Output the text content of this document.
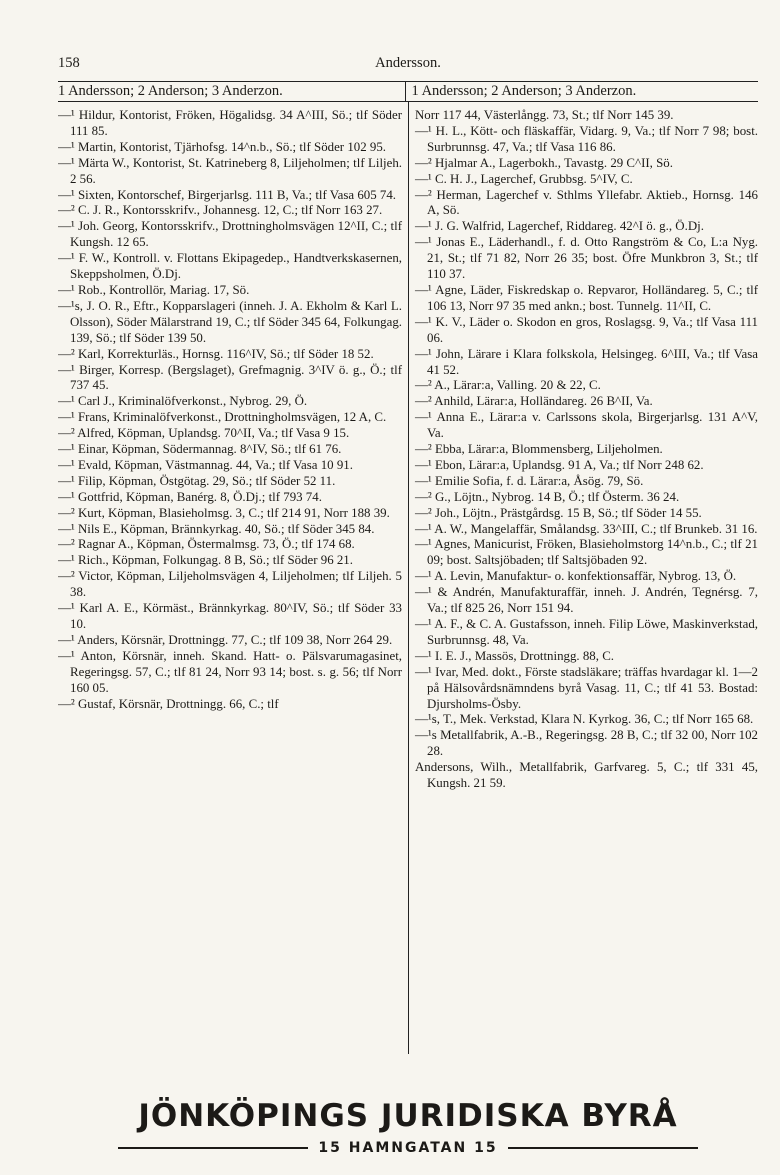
158	Andersson.
1 Andersson; 2 Anderson; 3 Anderzon.	1 Andersson; 2 Anderson; 3 Anderzon.

—¹ Hildur, Kontorist, Fröken, Högalidsg. 34 A^III, Sö.; tlf Söder 111 85.

—¹ Martin, Kontorist, Tjärhofsg. 14^n.b., Sö.; tlf Söder 102 95.

—¹ Märta W., Kontorist, St. Katrineberg 8, Liljeholmen; tlf Liljeh. 2 56.

—¹ Sixten, Kontorschef, Birgerjarlsg. 111 B, Va.; tlf Vasa 605 74.

—² C. J. R., Kontorsskrifv., Johannesg. 12, C.; tlf Norr 163 27.

—¹ Joh. Georg, Kontorsskrifv., Drottningholmsvägen 12^II, C.; tlf Kungsh. 12 65.

—¹ F. W., Kontroll. v. Flottans Ekipagedep., Handtverkskasernen, Skeppsholmen, Ö.Dj.

—¹ Rob., Kontrollör, Mariag. 17, Sö.

—¹s, J. O. R., Eftr., Kopparslageri (inneh. J. A. Ekholm & Karl L. Olsson), Söder Mälarstrand 19, C.; tlf Söder 345 64, Folkungag. 139, Sö.; tlf Söder 139 50.

—² Karl, Korrekturläs., Hornsg. 116^IV, Sö.; tlf Söder 18 52.

—¹ Birger, Korresp. (Bergslaget), Grefmagnig. 3^IV ö. g., Ö.; tlf 737 45.

—¹ Carl J., Kriminalöfverkonst., Nybrog. 29, Ö.

—¹ Frans, Kriminalöfverkonst., Drottningholmsvägen, 12 A, C.

—² Alfred, Köpman, Uplandsg. 70^II, Va.; tlf Vasa 9 15.

—¹ Einar, Köpman, Södermannag. 8^IV, Sö.; tlf 61 76.

—¹ Evald, Köpman, Västmannag. 44, Va.; tlf Vasa 10 91.

—¹ Filip, Köpman, Östgötag. 29, Sö.; tlf Söder 52 11.

—¹ Gottfrid, Köpman, Banérg. 8, Ö.Dj.; tlf 793 74.

—² Kurt, Köpman, Blasieholmsg. 3, C.; tlf 214 91, Norr 188 39.

—¹ Nils E., Köpman, Brännkyrkag. 40, Sö.; tlf Söder 345 84.

—² Ragnar A., Köpman, Östermalmsg. 73, Ö.; tlf 174 68.

—¹ Rich., Köpman, Folkungag. 8 B, Sö.; tlf Söder 96 21.

—² Victor, Köpman, Liljeholmsvägen 4, Liljeholmen; tlf Liljeh. 5 38.

—¹ Karl A. E., Körmäst., Brännkyrkag. 80^IV, Sö.; tlf Söder 33 10.

—¹ Anders, Körsnär, Drottningg. 77, C.; tlf 109 38, Norr 264 29.

—¹ Anton, Körsnär, inneh. Skand. Hatt- o. Pälsvarumagasinet, Regeringsg. 57, C.; tlf 81 24, Norr 93 14; bost. s. g. 56; tlf Norr 160 05.

—² Gustaf, Körsnär, Drottningg. 66, C.; tlf

Norr 117 44, Västerlångg. 73, St.; tlf Norr 145 39.

—¹ H. L., Kött- och fläskaffär, Vidarg. 9, Va.; tlf Norr 7 98; bost. Surbrunnsg. 47, Va.; tlf Vasa 116 86.

—² Hjalmar A., Lagerbokh., Tavastg. 29 C^II, Sö.

—¹ C. H. J., Lagerchef, Grubbsg. 5^IV, C.

—² Herman, Lagerchef v. Sthlms Yllefabr. Aktieb., Hornsg. 146 A, Sö.

—¹ J. G. Walfrid, Lagerchef, Riddareg. 42^I ö. g., Ö.Dj.

—¹ Jonas E., Läderhandl., f. d. Otto Rangström & Co, L:a Nyg. 21, St.; tlf 71 82, Norr 26 35; bost. Öfre Munkbron 3, St.; tlf 110 37.

—¹ Agne, Läder, Fiskredskap o. Repvaror, Holländareg. 5, C.; tlf 106 13, Norr 97 35 med ankn.; bost. Tunnelg. 11^II, C.

—¹ K. V., Läder o. Skodon en gros, Roslagsg. 9, Va.; tlf Vasa 111 06.

—¹ John, Lärare i Klara folkskola, Helsingeg. 6^III, Va.; tlf Vasa 41 52.

—² A., Lärar:a, Valling. 20 & 22, C.

—² Anhild, Lärar:a, Holländareg. 26 B^II, Va.

—¹ Anna E., Lärar:a v. Carlssons skola, Birgerjarlsg. 131 A^V, Va.

—² Ebba, Lärar:a, Blommensberg, Liljeholmen.

—¹ Ebon, Lärar:a, Uplandsg. 91 A, Va.; tlf Norr 248 62.

—¹ Emilie Sofia, f. d. Lärar:a, Åsög. 79, Sö.

—² G., Löjtn., Nybrog. 14 B, Ö.; tlf Österm. 36 24.

—² Joh., Löjtn., Prästgårdsg. 15 B, Sö.; tlf Söder 14 55.

—¹ A. W., Mangelaffär, Smålandsg. 33^III, C.; tlf Brunkeb. 31 16.

—¹ Agnes, Manicurist, Fröken, Blasieholmstorg 14^n.b., C.; tlf 21 09; bost. Saltsjöbaden; tlf Saltsjöbaden 92.

—¹ A. Levin, Manufaktur- o. konfektionsaffär, Nybrog. 13, Ö.

—¹ & Andrén, Manufakturaffär, inneh. J. Andrén, Tegnérsg. 7, Va.; tlf 825 26, Norr 151 94.

—¹ A. F., & C. A. Gustafsson, inneh. Filip Löwe, Maskinverkstad, Surbrunnsg. 48, Va.

—¹ I. E. J., Massös, Drottningg. 88, C.

—¹ Ivar, Med. dokt., Förste stadsläkare; träffas hvardagar kl. 1—2 på Hälsovårdsnämndens byrå Vasag. 11, C.; tlf 41 53. Bostad: Djursholms-Ösby.

—¹s, T., Mek. Verkstad, Klara N. Kyrkog. 36, C.; tlf Norr 165 68.

—¹s Metallfabrik, A.-B., Regeringsg. 28 B, C.; tlf 32 00, Norr 102 28.

Andersons, Wilh., Metallfabrik, Garfvareg. 5, C.; tlf 331 45, Kungsh. 21 59.

JÖNKÖPINGS JURIDISKA BYRÅ
15 HAMNGATAN 15
